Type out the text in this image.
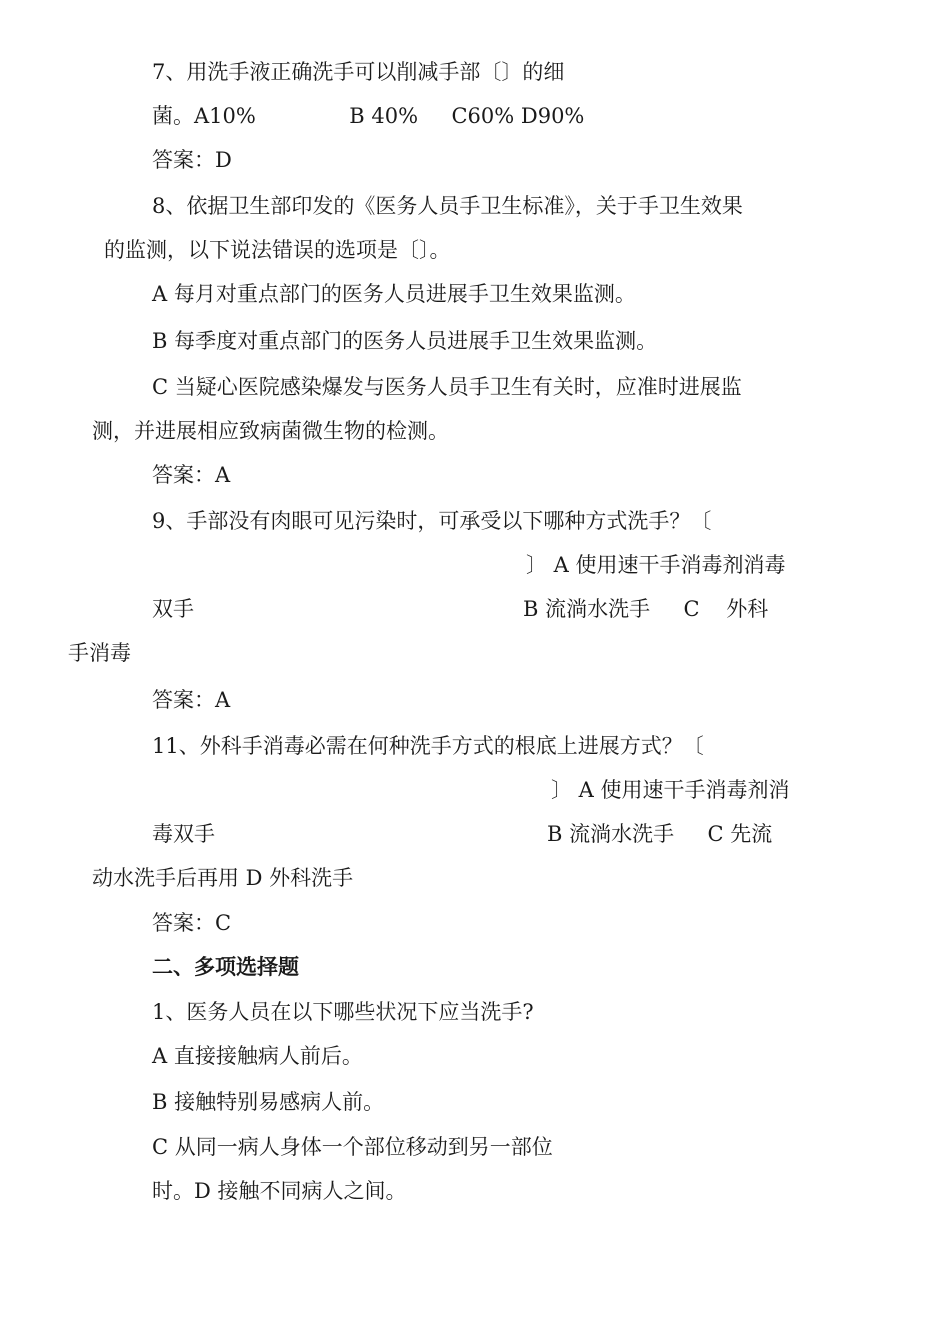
7、用洗手液正确洗手可以削减手部〔〕的细

菌。A10%              B 40%     C60% D90%

答案：D

8、依据卫生部印发的《医务人员手卫生标准》，关于手卫生效果

的监测，以下说法错误的选项是〔〕。

A 每月对重点部门的医务人员进展手卫生效果监测。

B 每季度对重点部门的医务人员进展手卫生效果监测。

C 当疑心医院感染爆发与医务人员手卫生有关时，应准时进展监

测，并进展相应致病菌微生物的检测。

答案：A

9、手部没有肉眼可见污染时，可承受以下哪种方式洗手？〔

〕 A 使用速干手消毒剂消毒

双手	B 流淌水洗手     C    外科

手消毒

答案：A

11、外科手消毒必需在何种洗手方式的根底上进展方式？〔

〕 A 使用速干手消毒剂消

毒双手	B 流淌水洗手     C 先流

动水洗手后再用 D 外科洗手

答案：C

二、多项选择题

1、医务人员在以下哪些状况下应当洗手?

A 直接接触病人前后。

B 接触特别易感病人前。

C 从同一病人身体一个部位移动到另一部位

时。D 接触不同病人之间。
